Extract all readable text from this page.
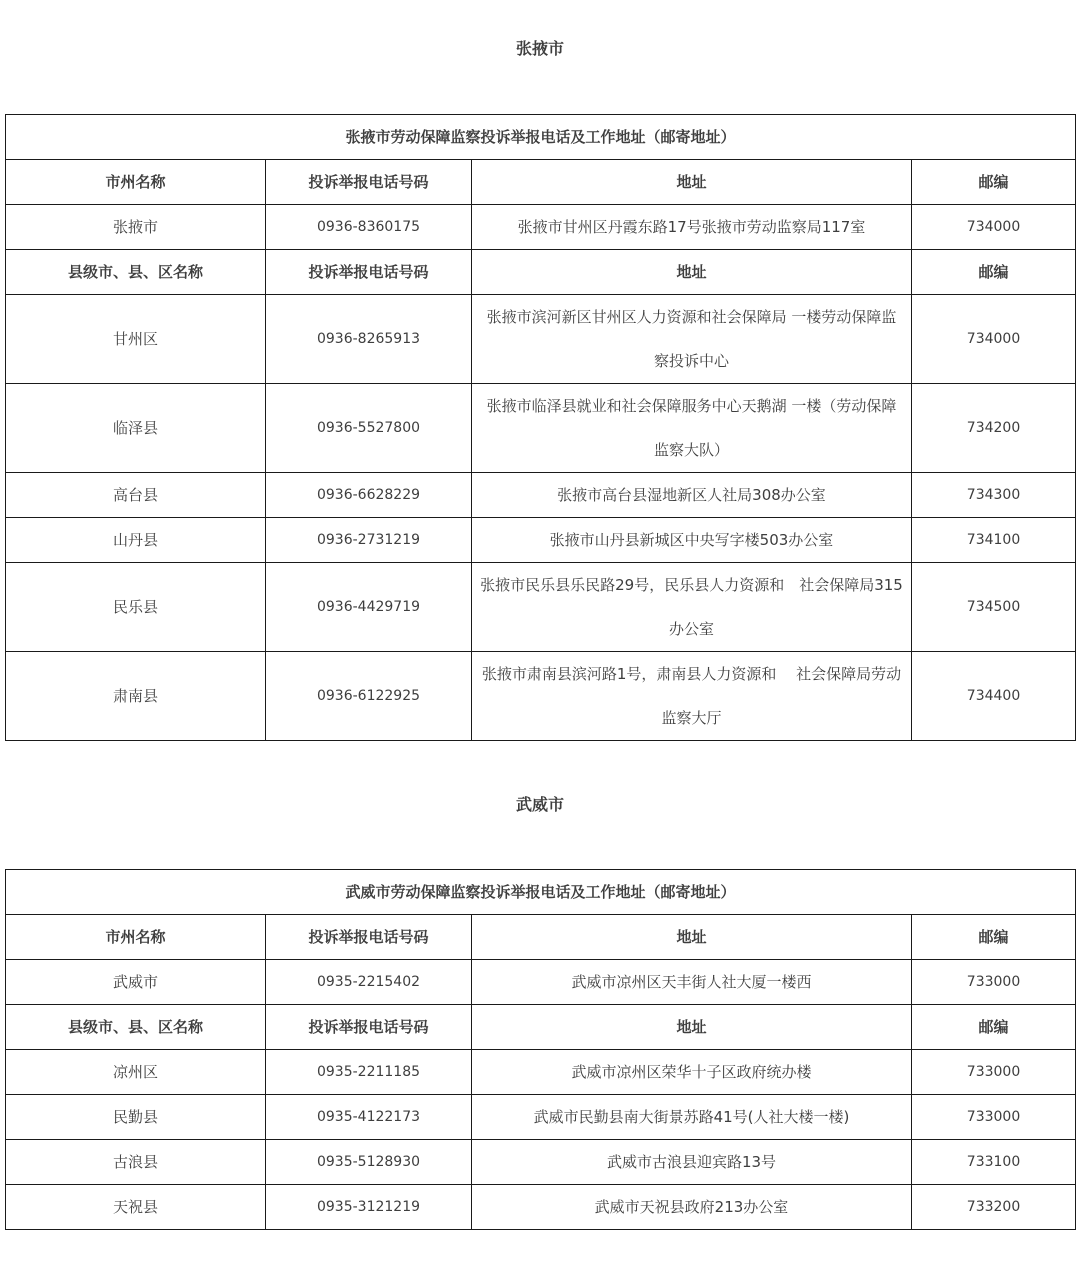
张掖市
张掖市劳动保障监察投诉举报电话及工作地址（邮寄地址）			
市州名称	投诉举报电话号码	地址	邮编
张掖市	0936-8360175	张掖市甘州区丹霞东路17号张掖市劳动监察局117室	734000
县级市、县、区名称	投诉举报电话号码	地址	邮编
甘州区	0936-8265913	张掖市滨河新区甘州区人力资源和社会保障局 一楼劳动保障监察投诉中心	734000
临泽县	0936-5527800	张掖市临泽县就业和社会保障服务中心天鹅湖 一楼（劳动保障监察大队）	734200
高台县	0936-6628229	张掖市高台县湿地新区人社局308办公室	734300
山丹县	0936-2731219	张掖市山丹县新城区中央写字楼503办公室	734100
民乐县	0936-4429719	张掖市民乐县乐民路29号，民乐县人力资源和　社会保障局315办公室	734500
肃南县	0936-6122925	张掖市肃南县滨河路1号，肃南县人力资源和　 社会保障局劳动监察大厅	734400
武威市
武威市劳动保障监察投诉举报电话及工作地址（邮寄地址）			
市州名称	投诉举报电话号码	地址	邮编
武威市	0935-2215402	武威市凉州区天丰街人社大厦一楼西	733000
县级市、县、区名称	投诉举报电话号码	地址	邮编
凉州区	0935-2211185	武威市凉州区荣华十子区政府统办楼	733000
民勤县	0935-4122173	武威市民勤县南大街景苏路41号(人社大楼一楼)	733000
古浪县	0935-5128930	武威市古浪县迎宾路13号	733100
天祝县	0935-3121219	武威市天祝县政府213办公室	733200
